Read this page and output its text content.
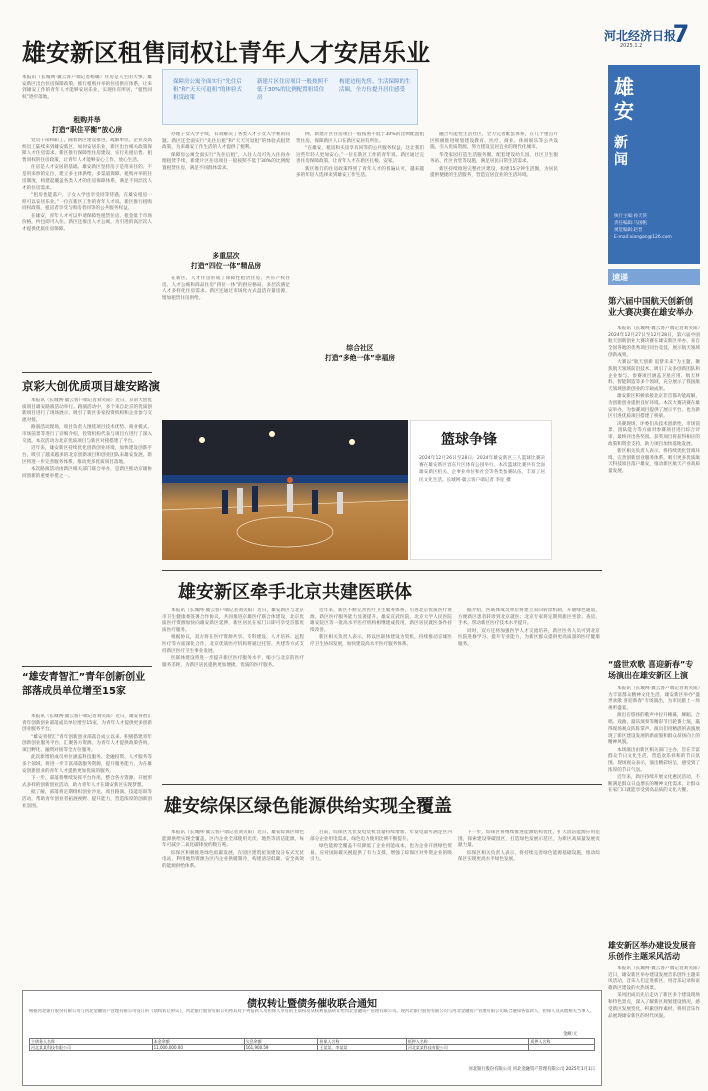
河北经济日报
2025.1.2	7
雄
安
新
闻
执行主编:孙天侠
责任编辑:马国帆
视觉编辑:赵晋
E-mail:xiongan@126.com
速递
雄安新区租售同权让青年人才安居乐业
保障房公寓全面实行“先住后租”和“天天可退租”的体验式租赁政策
新建片区住房项目一般按照不低于30%的比例配置租赁住房
构建边租先售、生活保障的生活圈，全方位提升居住感受
本报讯（长城网·冀云客户端记者杨璐）住房是人生的大事。雄安新区出台住房保障政策，推行租购并举的住房供应体系，让来到雄安工作的青年人才能够安居乐业，实现住有所居，“租售同权”逐步落地。
租购并举
打造“职住平衡”放心房

党员干部和职工，随着新区建设推进，疏解单位、企业及高校员工陆续来到雄安新区，如何安居乐业，新区出台相关政策保障人才住房需求。新区推行保障性住房建设，实行先租后售、租售同权的住房政策，让青年人才能够安心工作、放心生活。

住房是人才安居的基础。雄安新区坚持房子是用来住的、不是用来炒的定位，建立多主体供给、多渠道保障、租购并举的住房制度，构建起覆盖各类人才的住房保障体系，满足不同层次人才的住房需求。

“租房也能落户，子女入学也享受同等待遇，在雄安租房一样可以安居乐业。”一位在新区工作的青年人才说。新区推行租购同权政策，租房者享受与购房者同等的公共服务权益。

在雄安，青年人才可以申请保障性租赁住房，租金低于市场价格，拎包即可入住。新区还推出人才公寓，为引进的高层次人才提供优质住房保障。

办理子女入学手续，有效解决了各类人才子女入学难的问题。新区还全面实行“先住后租”和“天天可退租”的体验式租赁政策，为来雄安工作生活的人才提供了便利。

保障房公寓全面实行“先住后租”，入住人员可先入住再办理租赁手续，新建片区住房项目一般按照不低于30%的比例配置租赁住房，满足不同群体需求。

多重层次
打造“四位一体”精品房

在新区，人才住房形成了保障性租赁住房、共有产权住房、人才公寓和商品住房“四位一体”的供应格局，多层次满足人才多样化住房需求。新区还通过市场化方式盘活存量房源，增加租赁住房供给。

例，新建片区住房项目一般按照不低于30%的比例配置租赁住房，保障新区人口在新区安居有所住。

“在雄安，租房和买房享有同等的公共服务权益，这让我们这些年轻人更加安心。”一位在新区工作的青年说。新区通过完善住房保障政策，让青年人才在新区扎根、安家。

新区推行的住房政策得到了青年人才的普遍认可，越来越多的年轻人选择来到雄安工作生活。

综合社区
打造“多绝一体”幸福房

融合可能性生活社区，全力完善配套体系，在几个重点片区积极推进规划建设教育、医疗、商业、休闲娱乐等公共设施。引入优质资源，努力建设宜居宜业的现代化城市。

华茂家园打造生活服务圈，配套建设幼儿园、社区卫生服务站、社区食堂等设施，满足居民日常生活需求。

新区持续推进完整社区建设，构建15分钟生活圈，为居民提供便捷的生活服务，营造宜居宜业的生活环境。

第六届中国航天创新创业大赛决赛在雄安举办

本报讯（长城网·冀云客户端记者刘笑阳）2024年12月27日至12月28日，第六届中国航天创新创业大赛决赛在雄安新区举办，来自全国各地的优秀项目同台竞技，展示航天领域创新成果。

大赛以“航天创新 追梦未来”为主题，聚焦航天领域前沿技术，吸引了众多创新团队和企业参与。参赛项目涵盖卫星应用、航天材料、智能制造等多个领域，充分展示了我国航天领域创新创业的丰硕成果。

雄安新区积极承接北京非首都功能疏解，为创新创业提供良好环境。本次大赛决赛在雄安举办，为参赛项目提供了展示平台，也为新区引进优质项目搭建了桥梁。

决赛现场，评委们从技术创新性、市场前景、团队能力等方面对参赛项目进行综合评审，最终评出各奖项。获奖项目将获得相应的政策和资金支持，助力项目加快落地发展。

新区相关负责人表示，将持续优化营商环境，完善创新创业服务体系，吸引更多优质航天科技项目落户雄安，推动新区航天产业高质量发展。

“盛世欢歌 喜迎新春”专场演出在雄安新区上演

本报讯（长城网·冀云客户端记者刘笑阳）为丰富群众精神文化生活，雄安新区举办“盛世欢歌 喜迎新春”专场演出，为市民献上一场视听盛宴。

演出在悠扬的歌声中拉开帷幕，舞蹈、合唱、戏曲、器乐演奏等精彩节目轮番上演，赢得现场观众阵阵掌声。演员们用精湛的表演展现了新区建设发展的新面貌和群众昂扬向上的精神风貌。

本场演出由新区相关部门主办，旨在丰富群众节日文化生活，营造欢乐祥和的节日氛围。现场观众表示，演出精彩纷呈，感受到了浓厚的节日气氛。

近年来，新区持续开展文化惠民活动，不断满足群众日益增长的精神文化需求，让群众在家门口就能享受到高品质的文化大餐。

雄安新区举办建设发展音乐创作主题采风活动

本报讯（长城网·冀云客户端记者刘笑阳）近日，雄安新区举办建设发展音乐创作主题采风活动，音乐人们走进新区，用音乐记录和讴歌新区建设的火热场景。

采风团成员先后走访了新区多个建设现场和特色景点，深入了解新区规划建设情况，感受新区发展变化，积累创作素材，将用音乐作品展现雄安新区的时代风貌。

京彩大创优质项目雄安路演

本报讯（长城网·冀云客户端记者刘笑阳）近日，京彩大创优质项目雄安路演活动举行。路演活动中，多个来自北京的优质创新项目进行了现场展示，吸引了新区多家投资机构和企业参与交流对接。

路演活动现场，项目负责人围绕项目技术优势、商业模式、市场前景等进行了详细介绍，投资机构代表与项目方进行了深入交流。本次活动为北京优质项目与新区对接搭建了平台。

近年来，雄安新区持续优化创新创业环境，加快建设创新平台，吸引了越来越多的北京创新项目和创业团队来雄安发展。新区将进一步完善服务体系，推动更多优质项目落地。

本次路演活动由新区相关部门联合举办，是新区推动京雄协同创新的重要举措之一。

“雄安青智汇”青年创新创业部落成员单位增至15家

本报讯（长城网·冀云客户端记者刘笑阳）近日，雄安青智汇青年创新创业部落成员单位增至15家，为青年人才提供更多创新创业服务平台。

“雄安青智汇”青年创新创业部落自成立以来，积极搭建青年创新创业服务平台，汇聚各方资源，为青年人才提供政策咨询、项目孵化、融资对接等全方位服务。

此次新增的成员单位涵盖科技服务、金融投资、人才服务等多个领域，将进一步丰富部落服务资源，提升服务能力，为在雄安创新创业的青年人才提供更加优质的服务。

下一步，部落将继续发挥平台作用，整合各方资源，开展形式多样的创新创业活动，助力青年人才在雄安新区实现梦想。

据了解，部落将定期组织创业沙龙、项目路演、技能培训等活动，帮助青年创业者拓展视野、提升能力，营造浓厚的创新创业氛围。

篮球争锋
2024年12月26日至28日，2024年雄安新区三人篮球比赛决赛在雄安新区容东片区体育公园举行。本次篮球比赛共有全面雄安新区机关、企事业单位和社会等各类参赛队伍，丰富了居民文化生活。长城网·冀云客户端记者 李征 摄
雄安新区牵手北京共建医联体

本报讯（长城网·冀云客户端记者刘笑阳）近日，雄安新区与北京市卫生健康委签署合作协议，共同推进京雄医疗联合体建设，北京优质医疗资源加快向雄安新区延伸，新区居民在家门口即可享受首都优质医疗服务。

根据协议，双方将在医疗资源共享、专科建设、人才培养、远程医疗等方面深化合作，北京优质医疗机构将通过托管、共建等方式支持新区医疗卫生事业发展。

医联体建设将进一步提升新区医疗服务水平，缩小与北京的医疗服务差距，为新区居民提供更加便捷、优质的医疗服务。

近年来，新区不断完善医疗卫生服务体系，引进北京优质医疗资源，新区医疗服务能力显著提升。雄安宣武医院、北京大学人民医院雄安院区等一批高水平医疗机构相继建成投用，新区居民就医条件持续改善。

新区相关负责人表示，将以医联体建设为契机，持续推动京雄医疗卫生协同发展，加快建设高水平医疗服务体系。

据介绍，医联体成员单位将建立双向转诊机制，开通绿色通道，方便新区患者转诊到北京就医；北京专家将定期到新区坐诊、查房、手术，带动新区医疗技术水平提升。

同时，双方还将加强医学人才交流培养，新区医务人员可到北京医院进修学习，提升专业能力，为新区群众提供更高质量的医疗健康服务。

雄安综保区绿色能源供给实现全覆盖

本报讯（长城网·冀云客户端记者刘笑阳）近日，雄安综保区绿色能源供给实现全覆盖，区内企业全部使用光伏、地热等清洁能源，每年可减少二氧化碳排放约数万吨。

综保区积极推进绿色低碳发展，在园区建筑屋顶建设分布式光伏电站，利用地热资源为区内企业供暖制冷，构建清洁低碳、安全高效的能源供给体系。

目前，综保区光伏发电装机容量持续增加，年发电量可满足区内部分企业用电需求，绿色电力使用比例不断提升。

绿色能源全覆盖不仅降低了企业用能成本，也为企业开展绿色贸易、应对国际碳关税提供了有力支撑，增强了综保区对外资企业的吸引力。

下一步，综保区将继续推进能源结构优化，扩大清洁能源应用范围，探索建设零碳园区，打造绿色发展示范区，为新区高质量发展贡献力量。

综保区相关负责人表示，将持续完善绿色能源基础设施，推动综保区实现更高水平绿色发展。

债权转让暨债务催收联合通知
根据河北银行股份有限公司与河北金融资产管理有限公司签订的《债权转让协议》，河北银行股份有限公司将其对下列借款人及担保人享有的主债权及从权利依法转让给河北金融资产管理有限公司。现河北银行股份有限公司与河北金融资产管理有限公司联合通知各借款人、担保人及其他相关当事人。
金额:元
主债务人名称	本金余额	欠息余额	担保人名称	抵押人名称	质押人名称
河北某某科技有限公司	11,000,000.00	161,900.59	王某某、李某某	河北某某科技有限公司	
河北银行股份有限公司 河北金融资产管理有限公司 2025年1月1日
